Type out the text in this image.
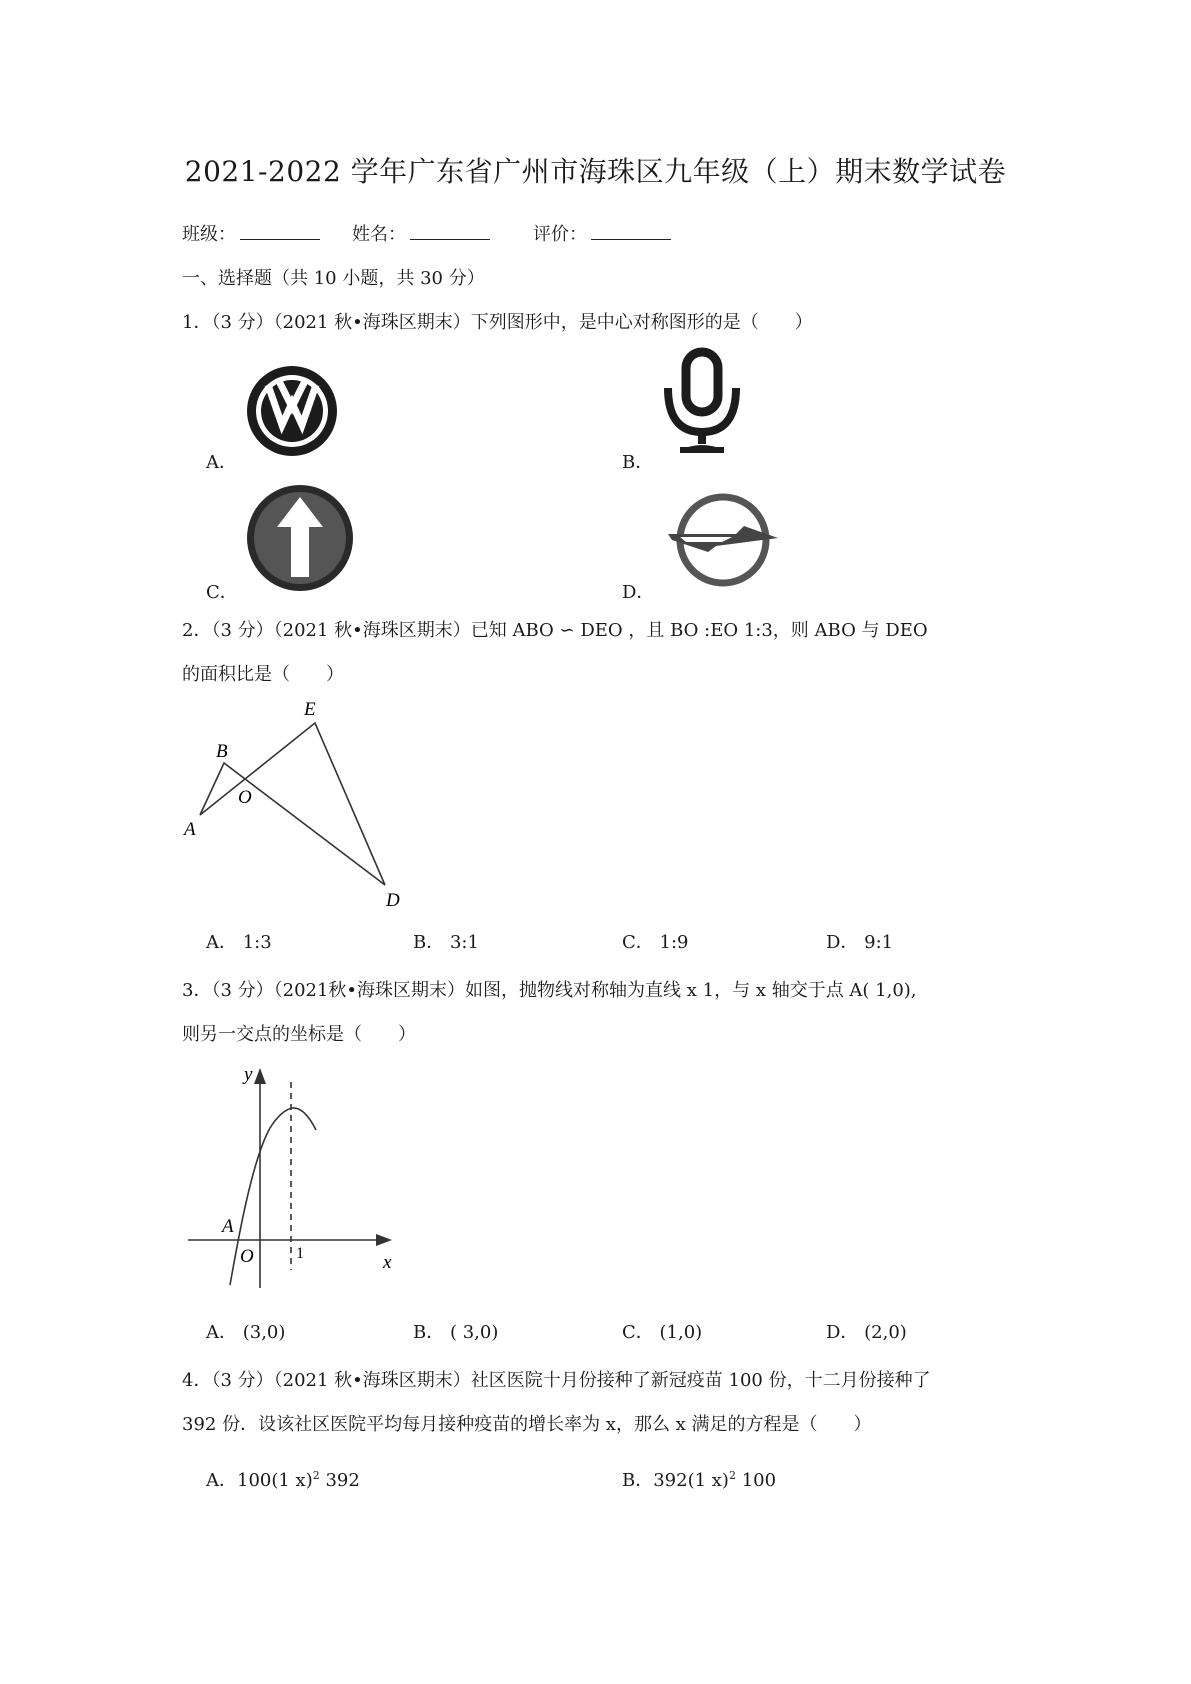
2021-2022 学年广东省广州市海珠区九年级（上）期末数学试卷
班级：	姓名：	评价：
一、选择题（共 10 小题，共 30 分）
1．（3 分）（2021 秋•海珠区期末）下列图形中，是中心对称图形的是（　　）
A．	B．
C．	D．
2．（3 分）（2021 秋•海珠区期末）已知 ABO ∽ DEO ，且 BO :EO 1:3，则 ABO 与 DEO
的面积比是（　　）
A
B
O
E
D
A． 1:3	B． 3:1	C． 1:9	D． 9:1
3．（3 分）（2021秋•海珠区期末）如图，抛物线对称轴为直线 x 1，与 x 轴交于点 A( 1,0),
则另一交点的坐标是（　　）
y
x
A
O	1
A． (3,0)	B． ( 3,0)	C． (1,0)	D． (2,0)
4．（3 分）（2021 秋•海珠区期末）社区医院十月份接种了新冠疫苗 100 份，十二月份接种了
392 份．设该社区医院平均每月接种疫苗的增长率为 x，那么 x 满足的方程是（　　）
A．100(1 x)$^2$ 392	B．392(1 x)$^2$ 100
